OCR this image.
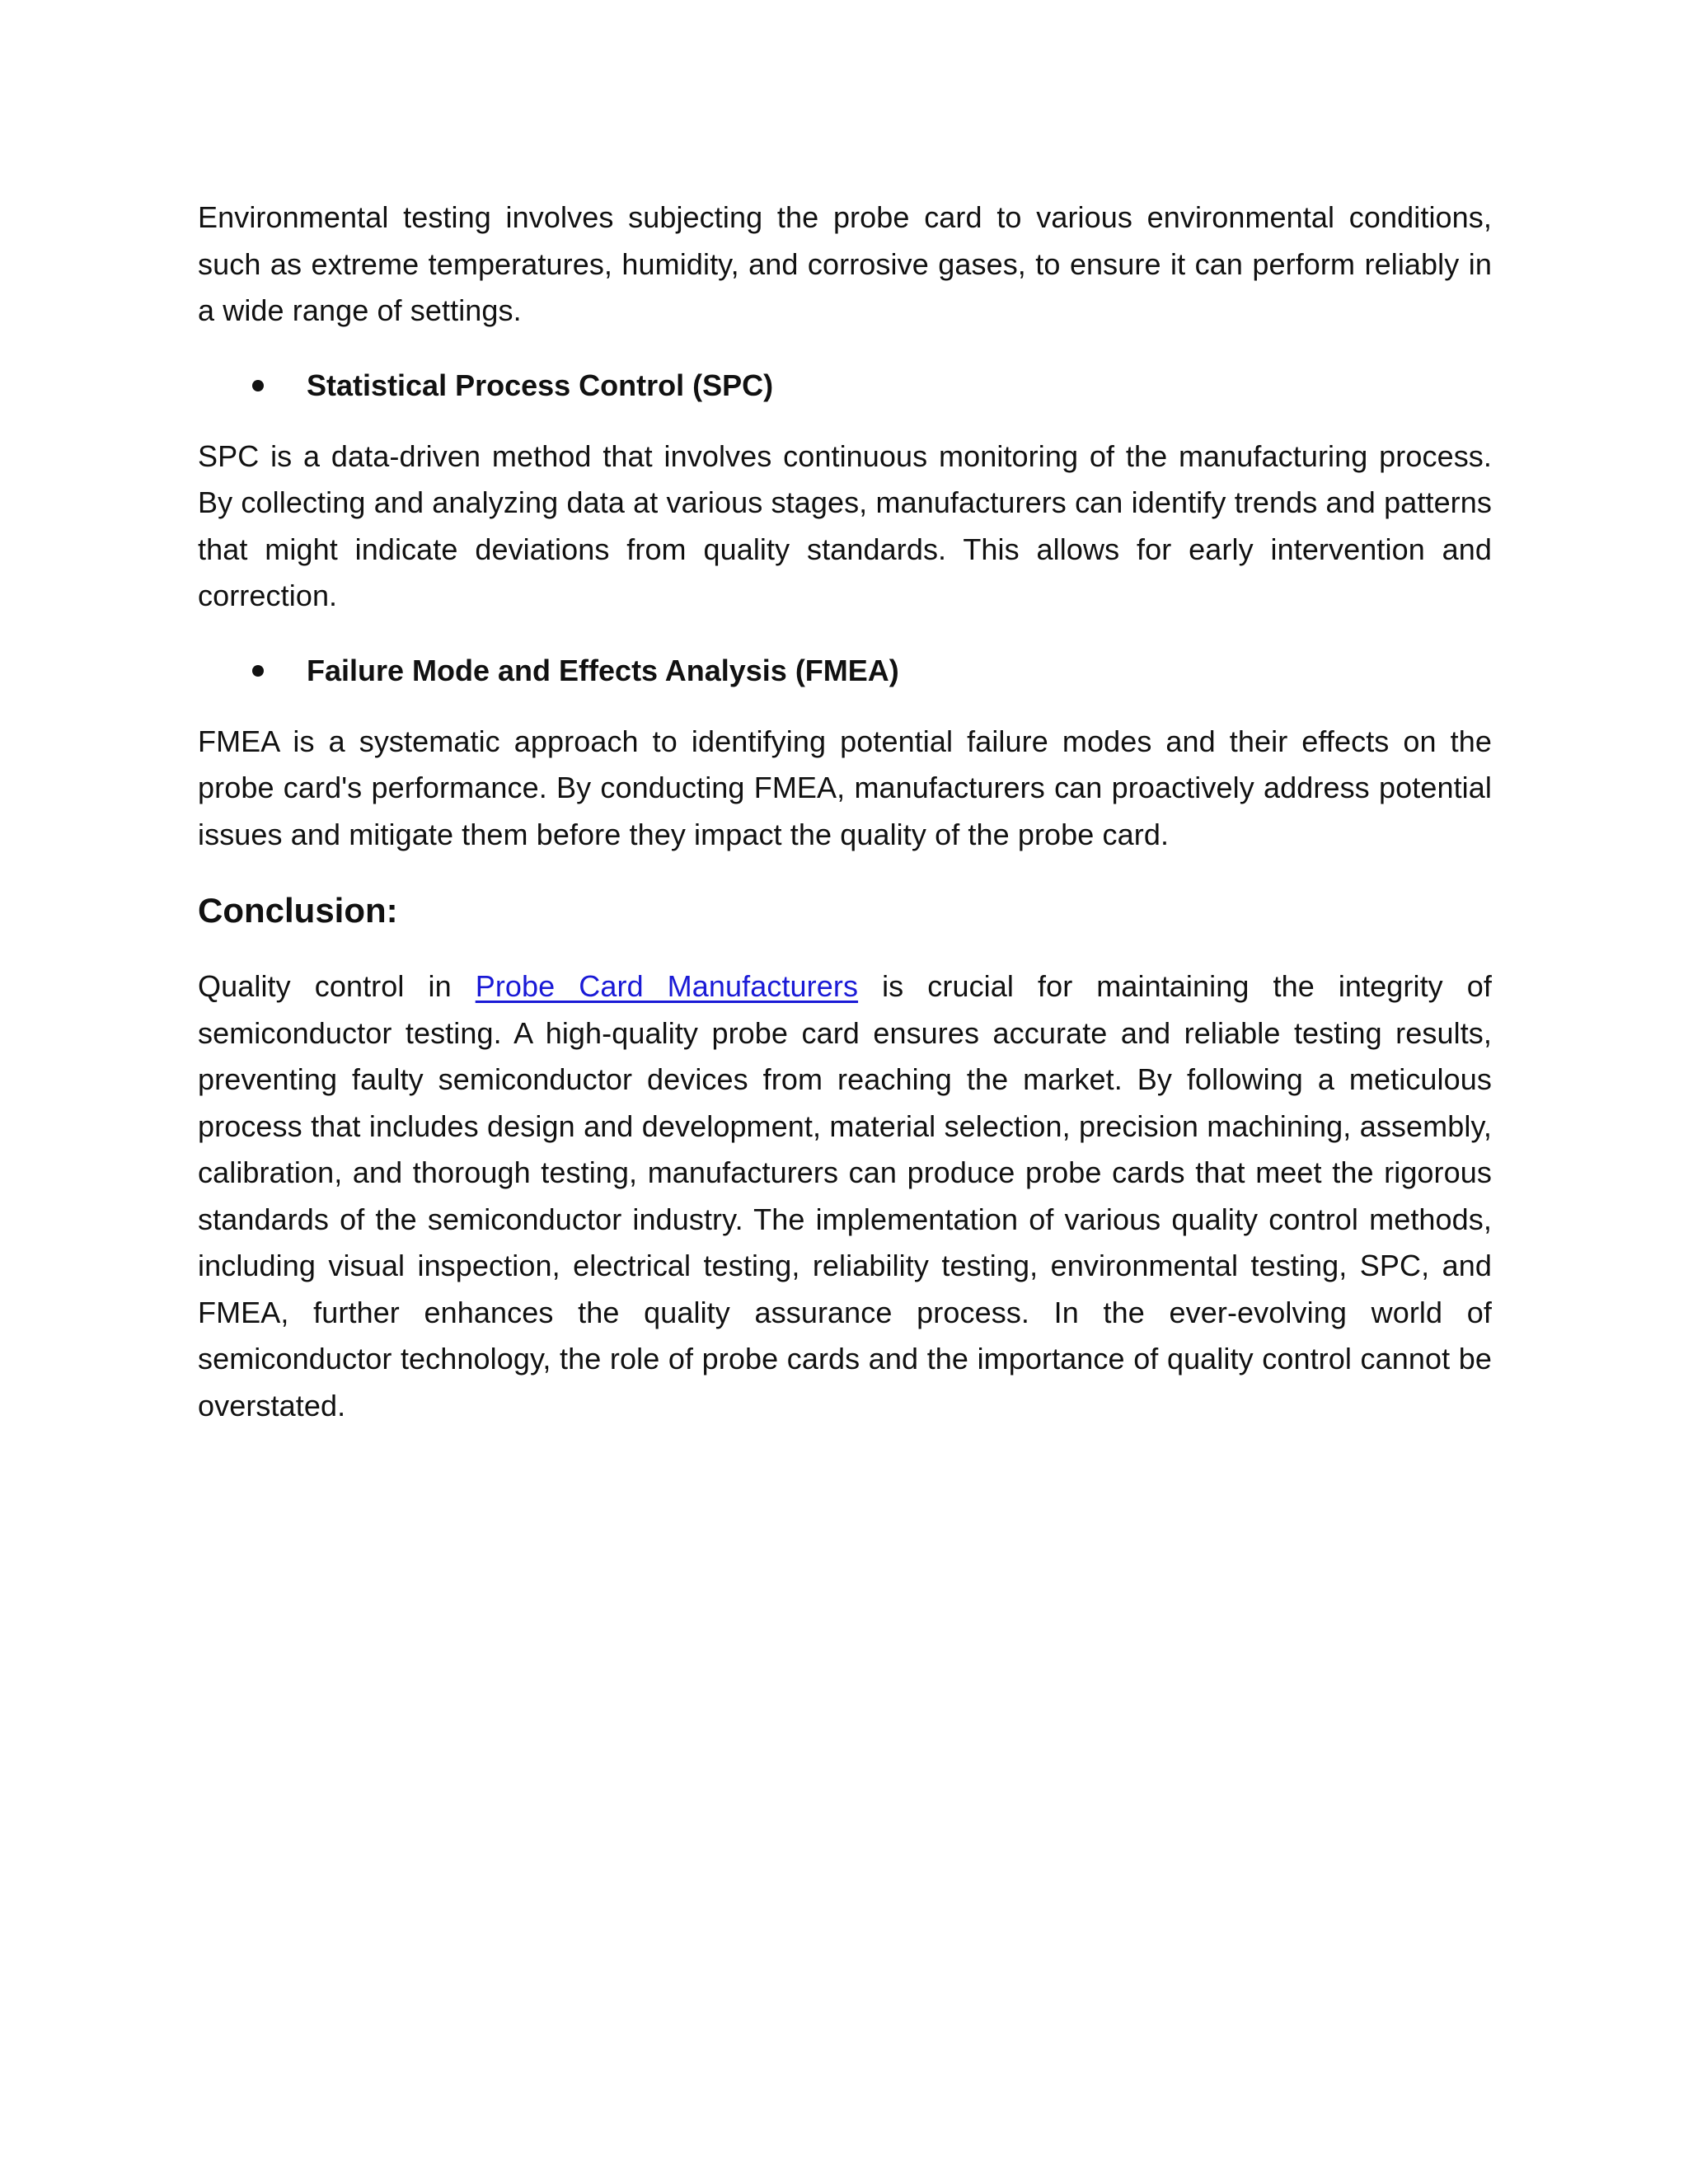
Environmental testing involves subjecting the probe card to various environmental conditions, such as extreme temperatures, humidity, and corrosive gases, to ensure it can perform reliably in a wide range of settings.

Statistical Process Control (SPC)

SPC is a data-driven method that involves continuous monitoring of the manufacturing process. By collecting and analyzing data at various stages, manufacturers can identify trends and patterns that might indicate deviations from quality standards. This allows for early intervention and correction.

Failure Mode and Effects Analysis (FMEA)

FMEA is a systematic approach to identifying potential failure modes and their effects on the probe card's performance. By conducting FMEA, manufacturers can proactively address potential issues and mitigate them before they impact the quality of the probe card.

Conclusion:

Quality control in Probe Card Manufacturers is crucial for maintaining the integrity of semiconductor testing. A high-quality probe card ensures accurate and reliable testing results, preventing faulty semiconductor devices from reaching the market. By following a meticulous process that includes design and development, material selection, precision machining, assembly, calibration, and thorough testing, manufacturers can produce probe cards that meet the rigorous standards of the semiconductor industry. The implementation of various quality control methods, including visual inspection, electrical testing, reliability testing, environmental testing, SPC, and FMEA, further enhances the quality assurance process. In the ever-evolving world of semiconductor technology, the role of probe cards and the importance of quality control cannot be overstated.
